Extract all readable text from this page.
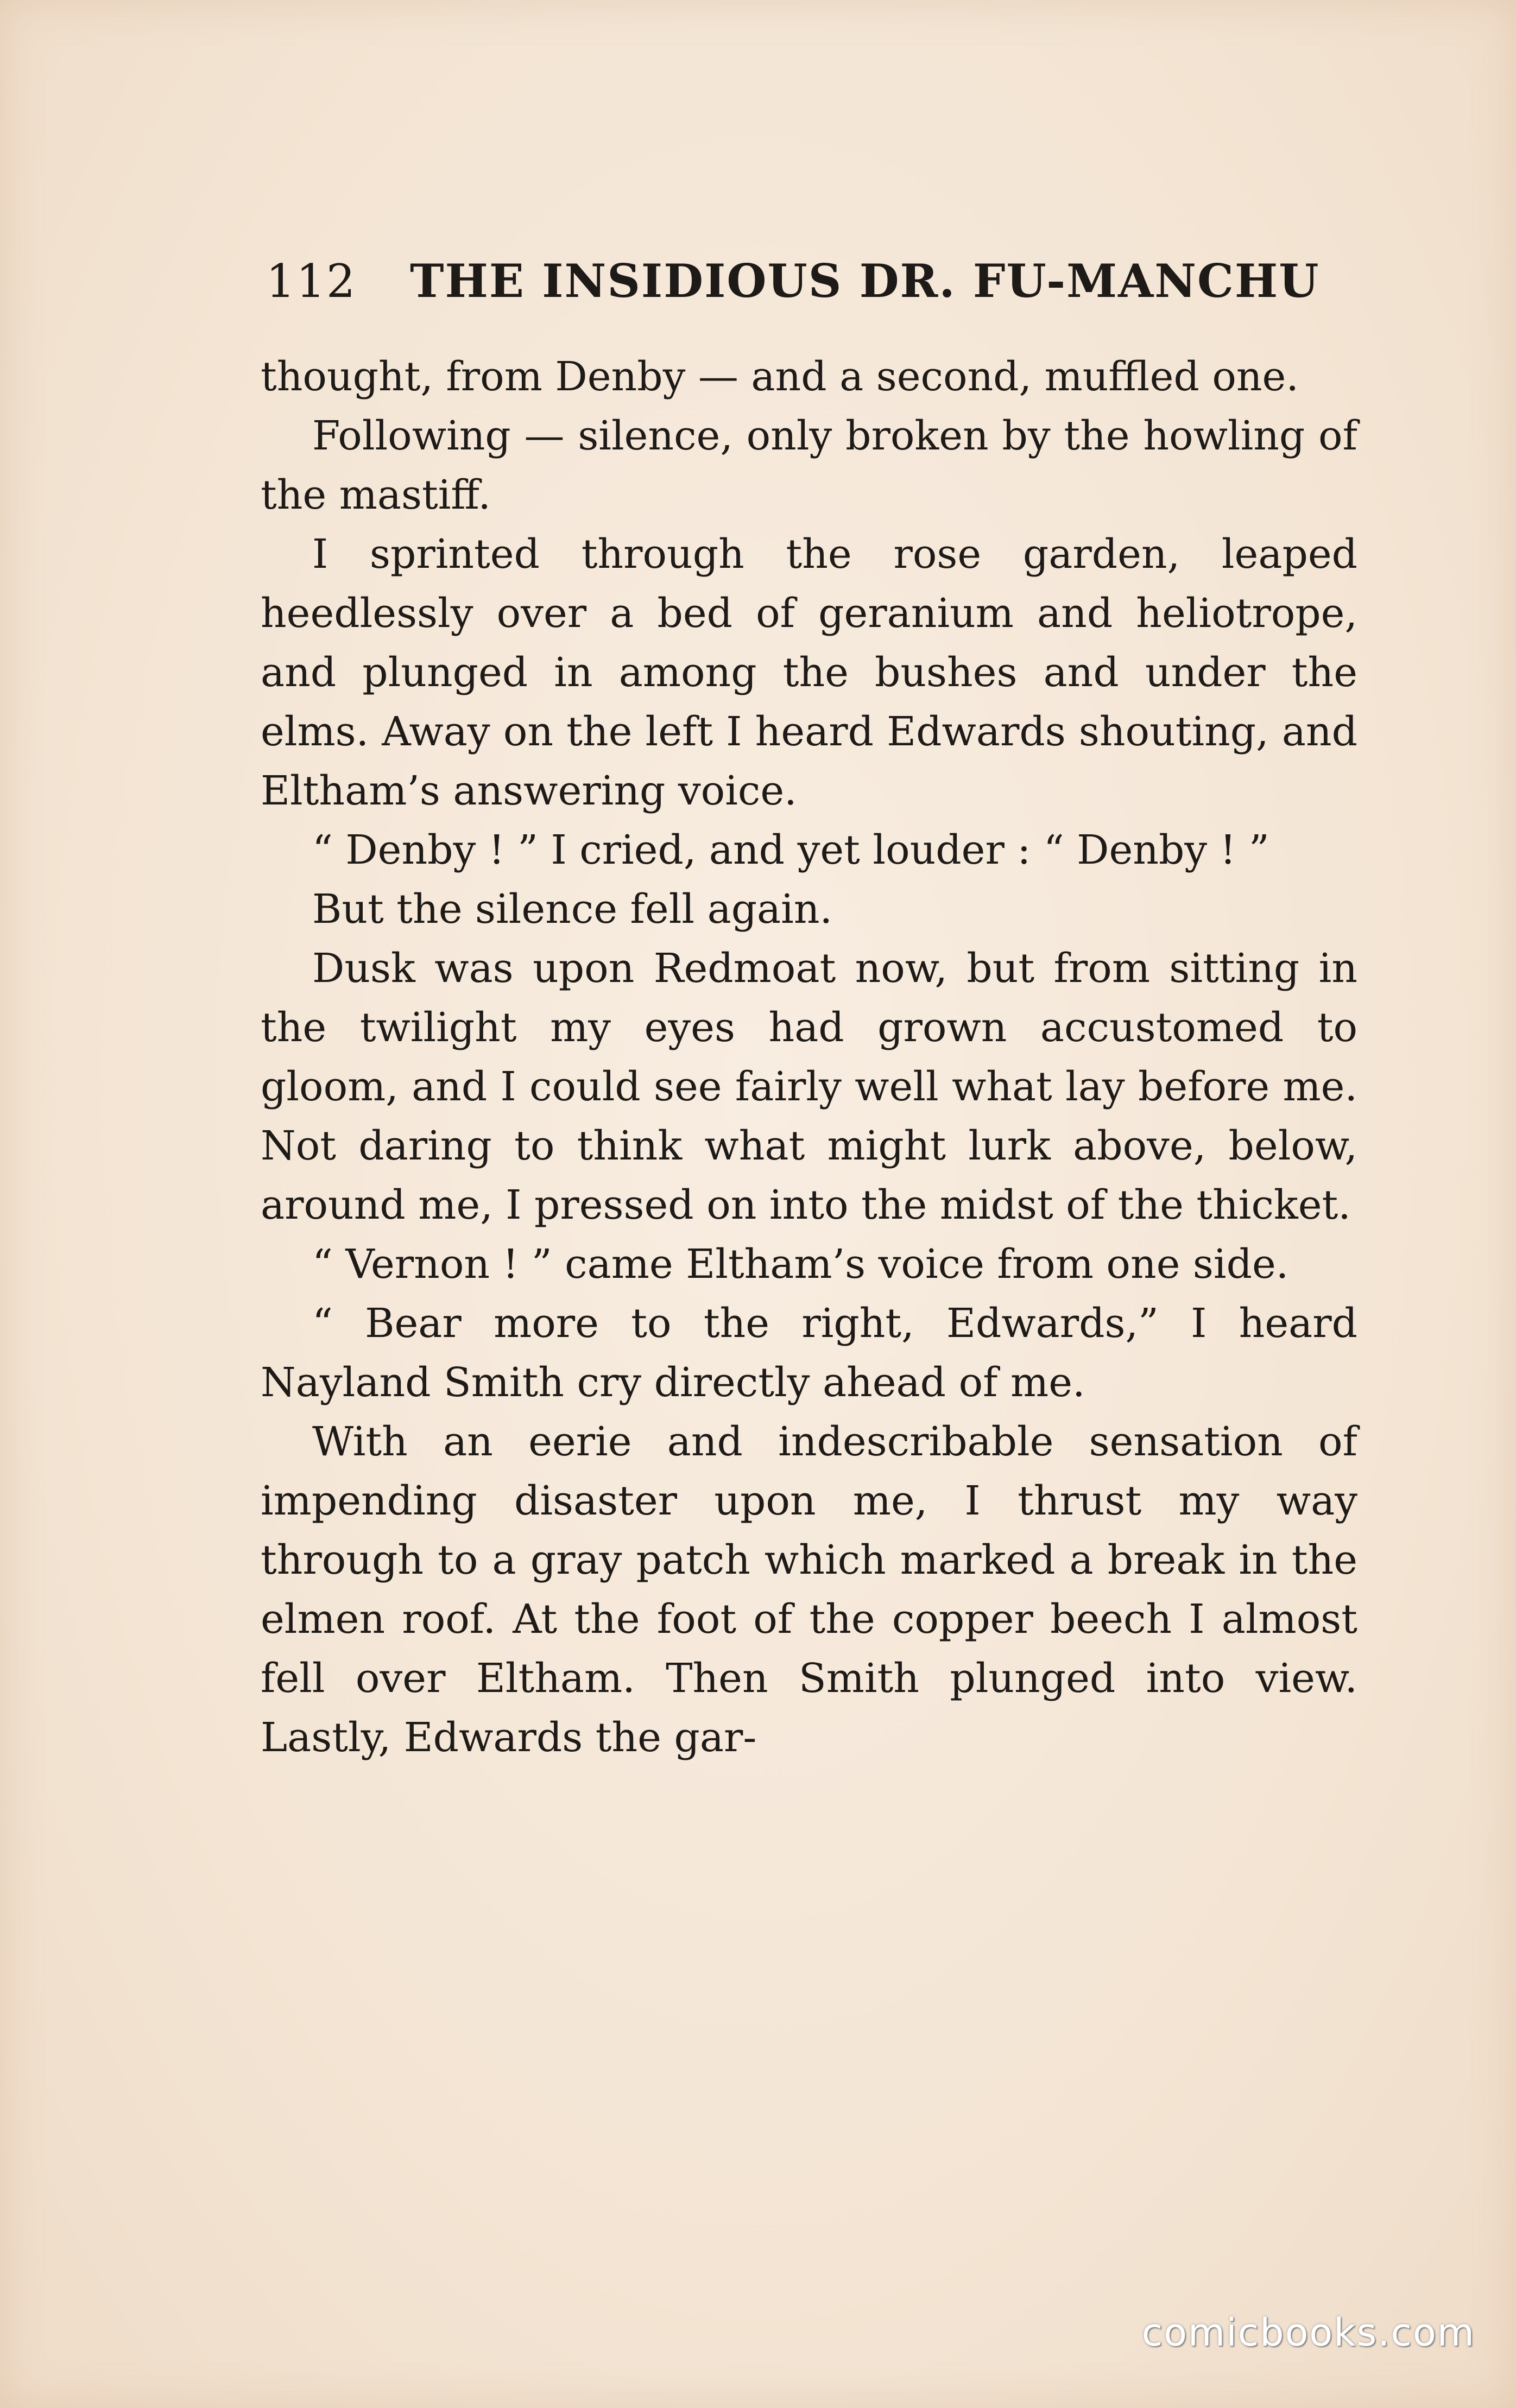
112 THE INSIDIOUS DR. FU-MANCHU

thought, from Denby — and a second, muffled one.

Following — silence, only broken by the howling of the mastiff.

I sprinted through the rose garden, leaped heedlessly over a bed of geranium and heliotrope, and plunged in among the bushes and under the elms. Away on the left I heard Edwards shouting, and Eltham’s answering voice.

“ Denby ! ” I cried, and yet louder : “ Denby ! ”

But the silence fell again.

Dusk was upon Redmoat now, but from sitting in the twilight my eyes had grown accustomed to gloom, and I could see fairly well what lay before me. Not daring to think what might lurk above, below, around me, I pressed on into the midst of the thicket.

“ Vernon ! ” came Eltham’s voice from one side.

“ Bear more to the right, Edwards,” I heard Nayland Smith cry directly ahead of me.

With an eerie and indescribable sensation of impending disaster upon me, I thrust my way through to a gray patch which marked a break in the elmen roof. At the foot of the copper beech I almost fell over Eltham. Then Smith plunged into view. Lastly, Edwards the gar-

comicbooks.com
